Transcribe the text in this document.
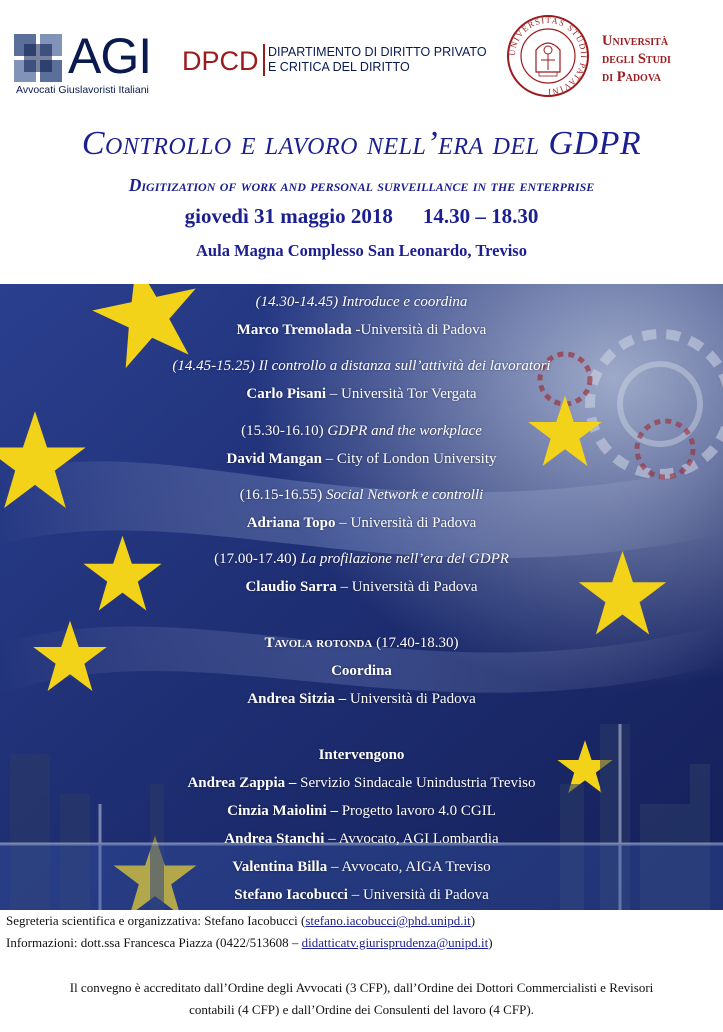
AGI
Avvocati Giuslavoristi Italiani
DPCD DIPARTIMENTO DI DIRITTO PRIVATO
E CRITICA DEL DIRITTO
UNIVERSITAS STUDII PATAVINI
Università
degli Studi
di Padova
Controllo e lavoro nell’era del GDPR
Digitization of work and personal surveillance in the enterprise
giovedì 31 maggio 2018 14.30 – 18.30
Aula Magna Complesso San Leonardo, Treviso
(14.30-14.45) Introduce e coordina
Marco Tremolada -Università di Padova
(14.45-15.25) Il controllo a distanza sull’attività dei lavoratori
Carlo Pisani – Università Tor Vergata
(15.30-16.10) GDPR and the workplace
David Mangan – City of London University
(16.15-16.55) Social Network e controlli
Adriana Topo – Università di Padova
(17.00-17.40) La profilazione nell’era del GDPR
Claudio Sarra – Università di Padova
Tavola rotonda (17.40-18.30)
Coordina
Andrea Sitzia – Università di Padova
Intervengono
Andrea Zappia – Servizio Sindacale Unindustria Treviso
Cinzia Maiolini – Progetto lavoro 4.0 CGIL
Andrea Stanchi – Avvocato, AGI Lombardia
Valentina Billa – Avvocato, AIGA Treviso
Stefano Iacobucci – Università di Padova
Segreteria scientifica e organizzativa: Stefano Iacobucci (stefano.iacobucci@phd.unipd.it)
Informazioni: dott.ssa Francesca Piazza (0422/513608 – didatticatv.giurisprudenza@unipd.it)
Il convegno è accreditato dall’Ordine degli Avvocati (3 CFP), dall’Ordine dei Dottori Commercialisti e Revisori
contabili (4 CFP) e dall’Ordine dei Consulenti del lavoro (4 CFP).
